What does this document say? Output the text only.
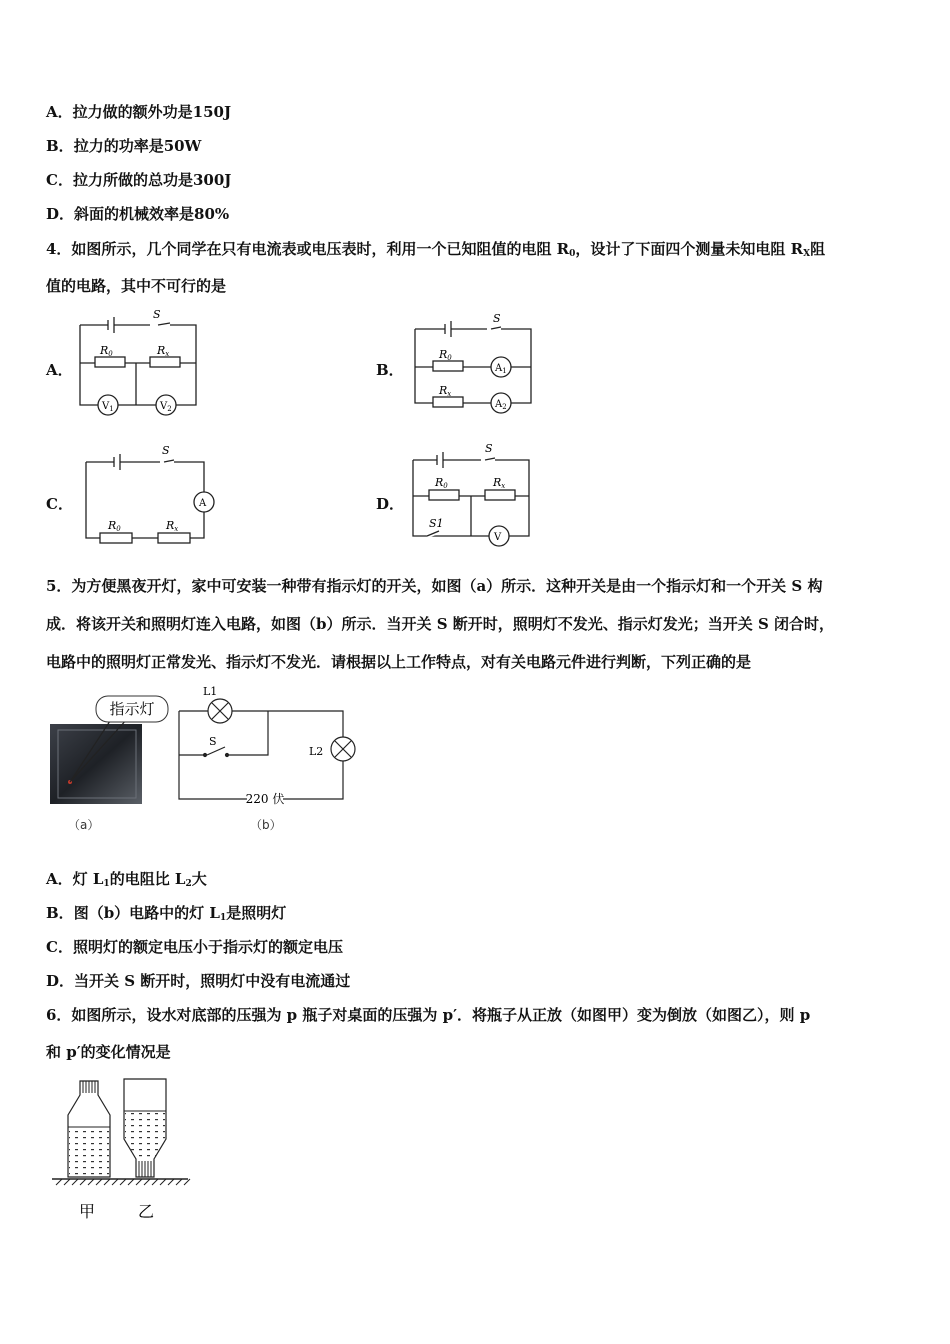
A．拉力做的额外功是150J
B．拉力的功率是50W
C．拉力所做的总功是300J
D．斜面的机械效率是80%
4．如图所示，几个同学在只有电流表或电压表时，利用一个已知阻值的电阻 $R_0$，设计了下面四个测量未知电阻 $R_X$阻
值的电路，其中不可行的是
A．	B．
C．	D．
S
R0	Rx
$V_1$	$V_2$
S
R0
Rx
$A_1$
$A_2$
S
R0	Rx
A
S
R0	Rx
S1
V
5．为方便黑夜开灯，家中可安装一种带有指示灯的开关，如图（a）所示．这种开关是由一个指示灯和一个开关 S 构
成．将该开关和照明灯连入电路，如图（b）所示．当开关 S 断开时，照明灯不发光、指示灯发光；当开关 S 闭合时，
电路中的照明灯正常发光、指示灯不发光．请根据以上工作特点，对有关电路元件进行判断，下列正确的是
指示灯
（a）
L1
L2
S
220 伏
（b）
A．灯 $L_1$的电阻比 $L_2$大
B．图（b）电路中的灯 $L_1$是照明灯
C．照明灯的额定电压小于指示灯的额定电压
D．当开关 S 断开时，照明灯中没有电流通过
6．如图所示，设水对底部的压强为 p 瓶子对桌面的压强为 p′．将瓶子从正放（如图甲）变为倒放（如图乙），则 p
和 p′的变化情况是
甲	乙
